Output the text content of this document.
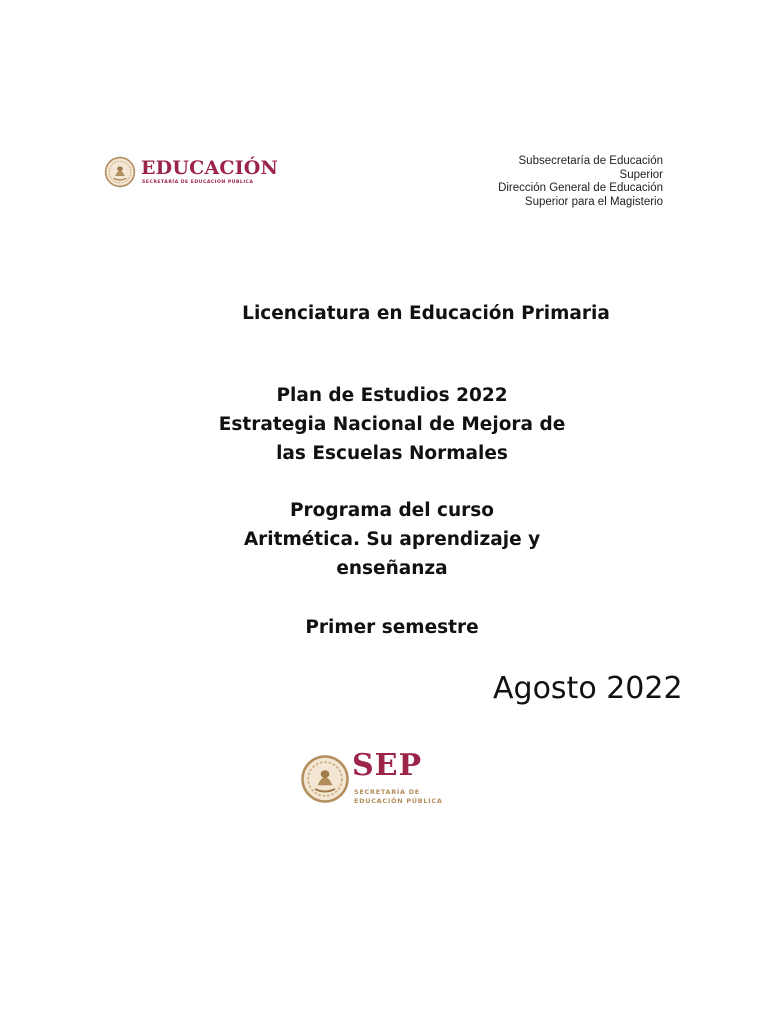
EDUCACIÓN
SECRETARÍA DE EDUCACIÓN PÚBLICA
Subsecretaría de Educación
Superior
Dirección General de Educación
Superior para el Magisterio
Licenciatura en Educación Primaria
Plan de Estudios 2022
Estrategia Nacional de Mejora de
las Escuelas Normales
Programa del curso
Aritmética. Su aprendizaje y
enseñanza
Primer semestre
Agosto 2022
SEP
SECRETARÍA DE
EDUCACIÓN PÚBLICA
